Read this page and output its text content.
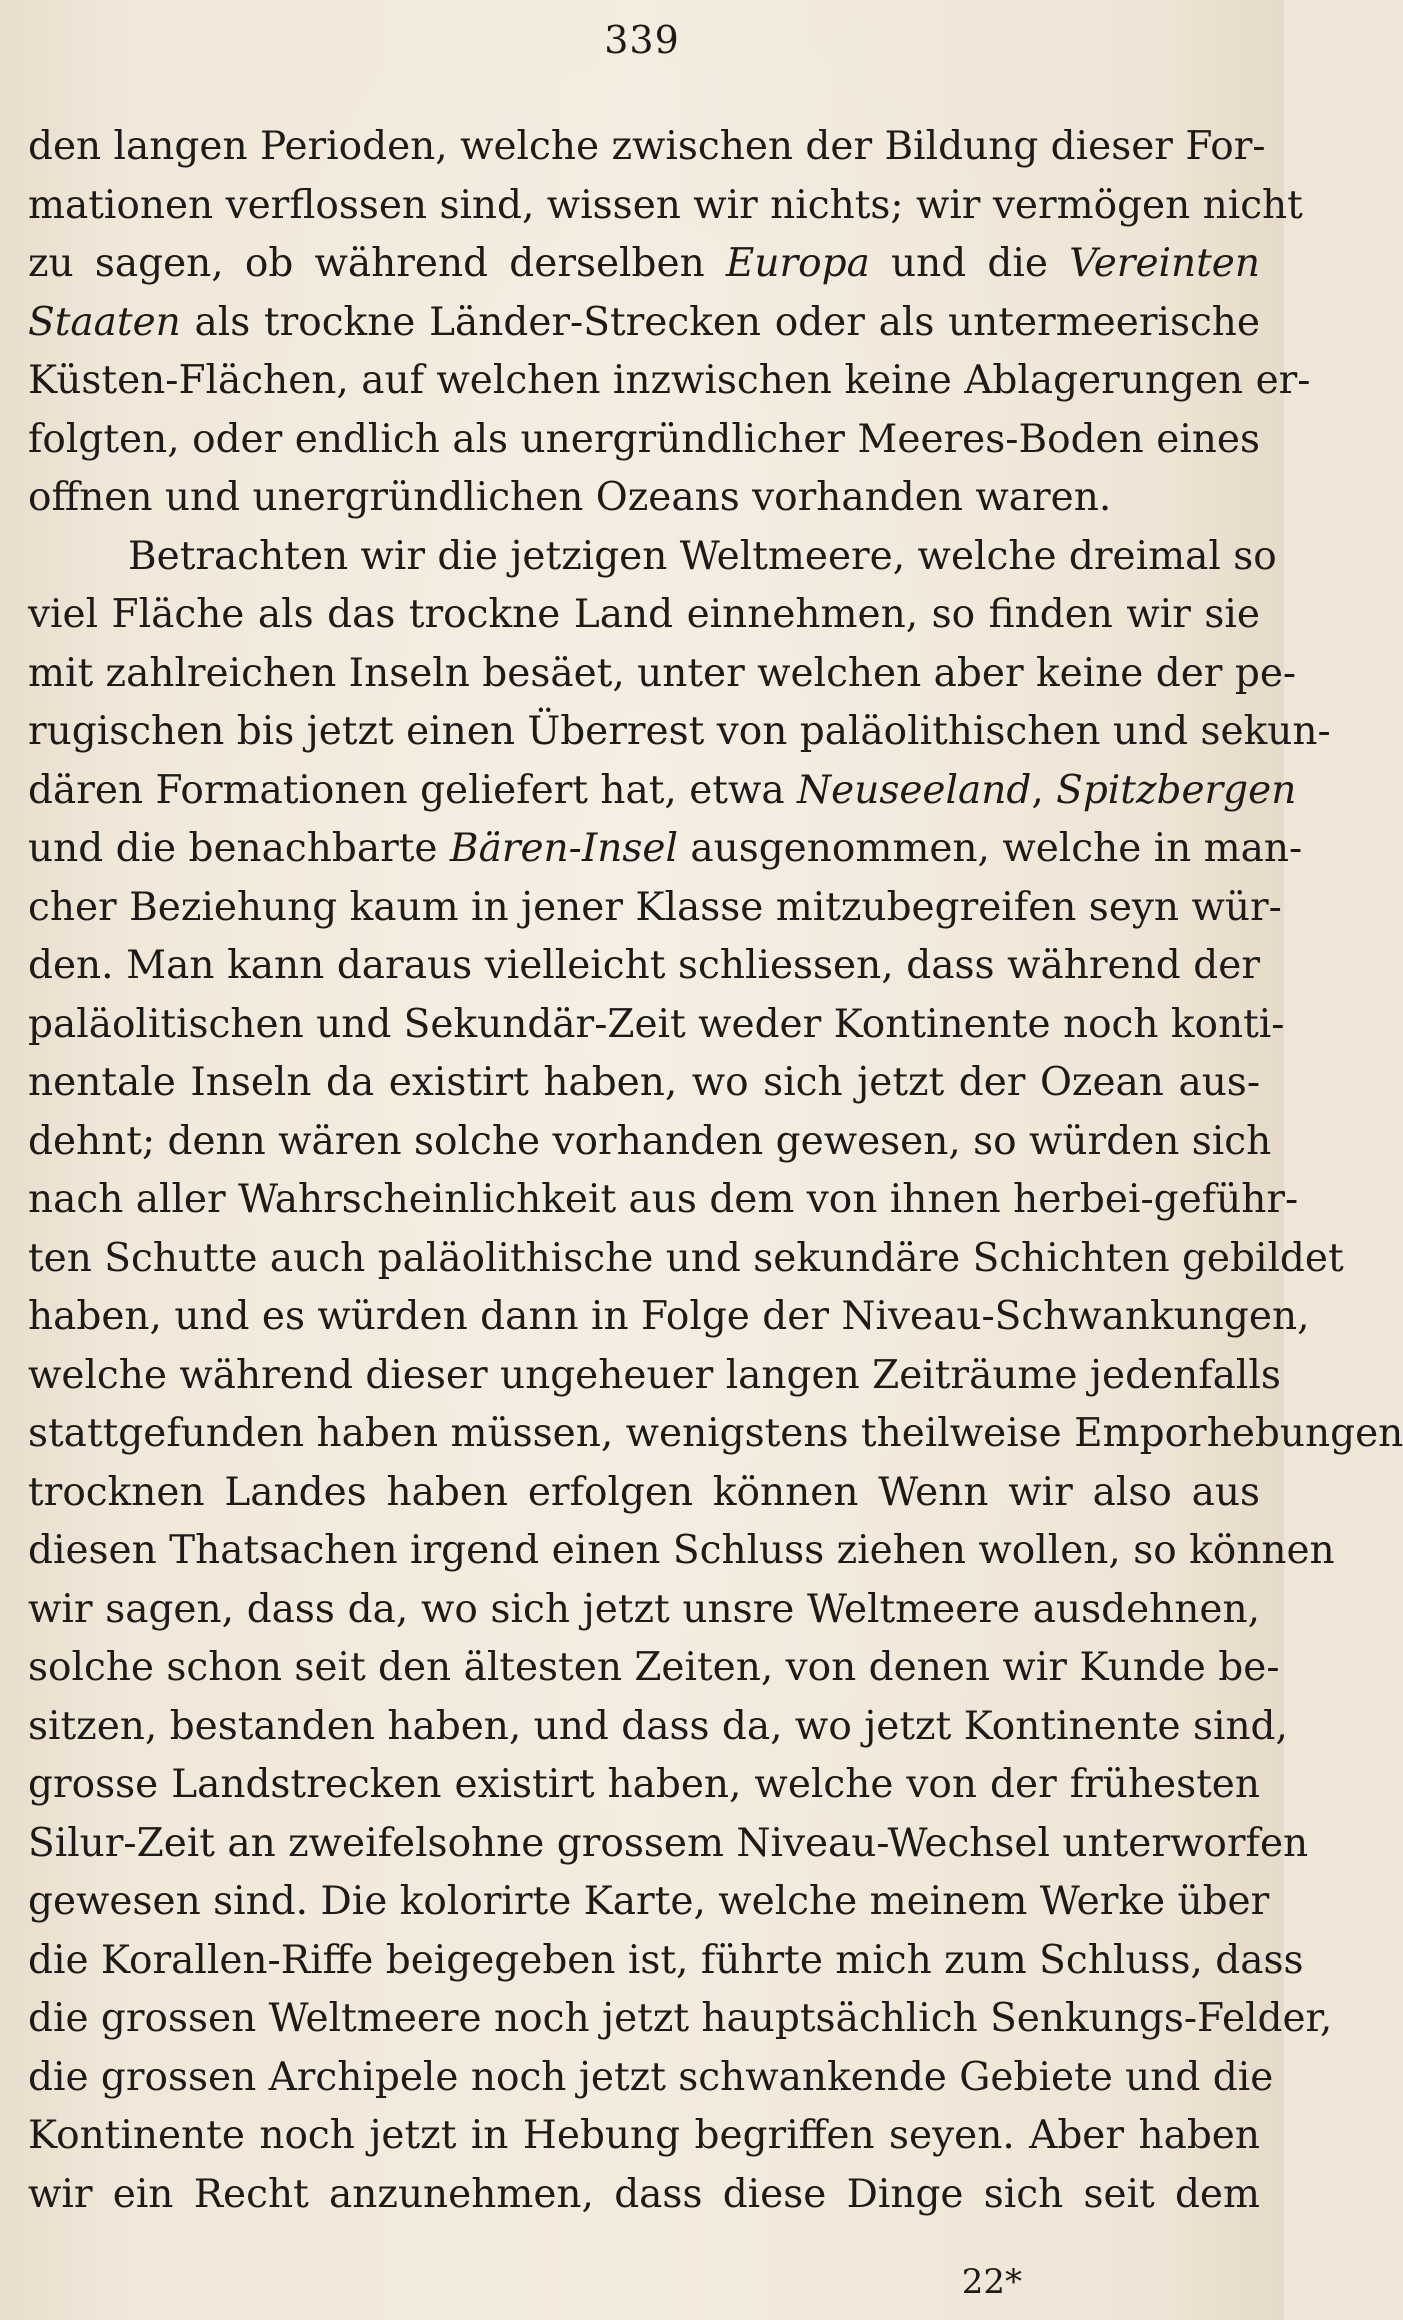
339
den langen Perioden, welche zwischen der Bildung dieser For-
mationen verflossen sind, wissen wir nichts; wir vermögen nicht
zu sagen, ob während derselben Europa und die Vereinten
Staaten als trockne Länder-Strecken oder als untermeerische
Küsten-Flächen, auf welchen inzwischen keine Ablagerungen er-
folgten, oder endlich als unergründlicher Meeres-Boden eines
offnen und unergründlichen Ozeans vorhanden waren.
Betrachten wir die jetzigen Weltmeere, welche dreimal so
viel Fläche als das trockne Land einnehmen, so finden wir sie
mit zahlreichen Inseln besäet, unter welchen aber keine der pe-
rugischen bis jetzt einen Überrest von paläolithischen und sekun-
dären Formationen geliefert hat, etwa Neuseeland, Spitzbergen
und die benachbarte Bären-Insel ausgenommen, welche in man-
cher Beziehung kaum in jener Klasse mitzubegreifen seyn wür-
den. Man kann daraus vielleicht schliessen, dass während der
paläolitischen und Sekundär-Zeit weder Kontinente noch konti-
nentale Inseln da existirt haben, wo sich jetzt der Ozean aus-
dehnt; denn wären solche vorhanden gewesen, so würden sich
nach aller Wahrscheinlichkeit aus dem von ihnen herbei-geführ-
ten Schutte auch paläolithische und sekundäre Schichten gebildet
haben, und es würden dann in Folge der Niveau-Schwankungen,
welche während dieser ungeheuer langen Zeiträume jedenfalls
stattgefunden haben müssen, wenigstens theilweise Emporhebungen
trocknen Landes haben erfolgen können Wenn wir also aus
diesen Thatsachen irgend einen Schluss ziehen wollen, so können
wir sagen, dass da, wo sich jetzt unsre Weltmeere ausdehnen,
solche schon seit den ältesten Zeiten, von denen wir Kunde be-
sitzen, bestanden haben, und dass da, wo jetzt Kontinente sind,
grosse Landstrecken existirt haben, welche von der frühesten
Silur-Zeit an zweifelsohne grossem Niveau-Wechsel unterworfen
gewesen sind. Die kolorirte Karte, welche meinem Werke über
die Korallen-Riffe beigegeben ist, führte mich zum Schluss, dass
die grossen Weltmeere noch jetzt hauptsächlich Senkungs-Felder,
die grossen Archipele noch jetzt schwankende Gebiete und die
Kontinente noch jetzt in Hebung begriffen seyen. Aber haben
wir ein Recht anzunehmen, dass diese Dinge sich seit dem
22*
